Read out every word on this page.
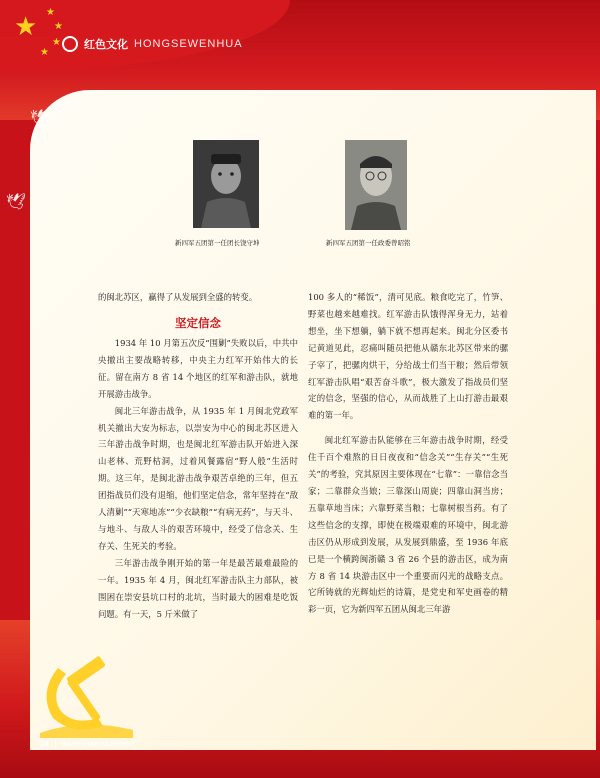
★ ★
★
★
★
红色文化 HONGSEWENHUA
🕊
🕊
新四军五团第一任团长饶守坤	新四军五团第一任政委曾昭铭

的闽北苏区，赢得了从发展到全盛的转变。

坚定信念

1934 年 10 月第五次反“围剿”失败以后，中共中央撤出主要战略转移，中央主力红军开始伟大的长征。留在南方 8 省 14 个地区的红军和游击队，就地开展游击战争。

闽北三年游击战争，从 1935 年 1 月闽北党政军机关撤出大安为标志，以崇安为中心的闽北苏区进入三年游击战争时期，也是闽北红军游击队开始进入深山老林、荒野枯洞，过着风餐露宿“野人般”生活时期。这三年，是闽北游击战争艰苦卓绝的三年，但五团指战员们没有退缩，他们坚定信念，常年坚持在“敌人清剿”“天寒地冻”“少衣缺粮”“有病无药”，与天斗、与地斗、与敌人斗的艰苦环境中，经受了信念关、生存关、生死关的考验。

三年游击战争刚开始的第一年是最苦最难最险的一年。1935 年 4 月，闽北红军游击队主力部队，被围困在崇安县坑口村的北坑，当时最大的困难是吃饭问题。有一天，5 斤米做了

100 多人的“稀饭”，清可见底。粮食吃完了，竹笋、野菜也越来越难找。红军游击队饿得浑身无力，站着想坐，坐下想躺，躺下就不想再起来。闽北分区委书记黄道见此，忍痛叫随员把他从赣东北苏区带来的骡子宰了，把骡肉烘干，分给战士们当干粮；然后带领红军游击队唱“艰苦奋斗歌”，极大激发了指战员们坚定的信念，坚强的信心，从而战胜了上山打游击最艰难的第一年。

闽北红军游击队能够在三年游击战争时期，经受住千百个难熬的日日夜夜和“信念关”“生存关”“生死关”的考验，究其原因主要体现在“七靠”：一靠信念当家；二靠群众当娘；三靠深山周旋；四靠山洞当房；五靠草地当床；六靠野菜当粮；七靠树根当药。有了这些信念的支撑，即使在极端艰难的环境中，闽北游击区仍从形成到发展，从发展到鼎盛，至 1936 年底已是一个横跨闽浙赣 3 省 26 个县的游击区，成为南方 8 省 14 块游击区中一个重要而闪光的战略支点。它所铸就的光辉灿烂的诗篇，是党史和军史画卷的精彩一页，它为新四军五团从闽北三年游

24 WUYISHAN MONTHLY
